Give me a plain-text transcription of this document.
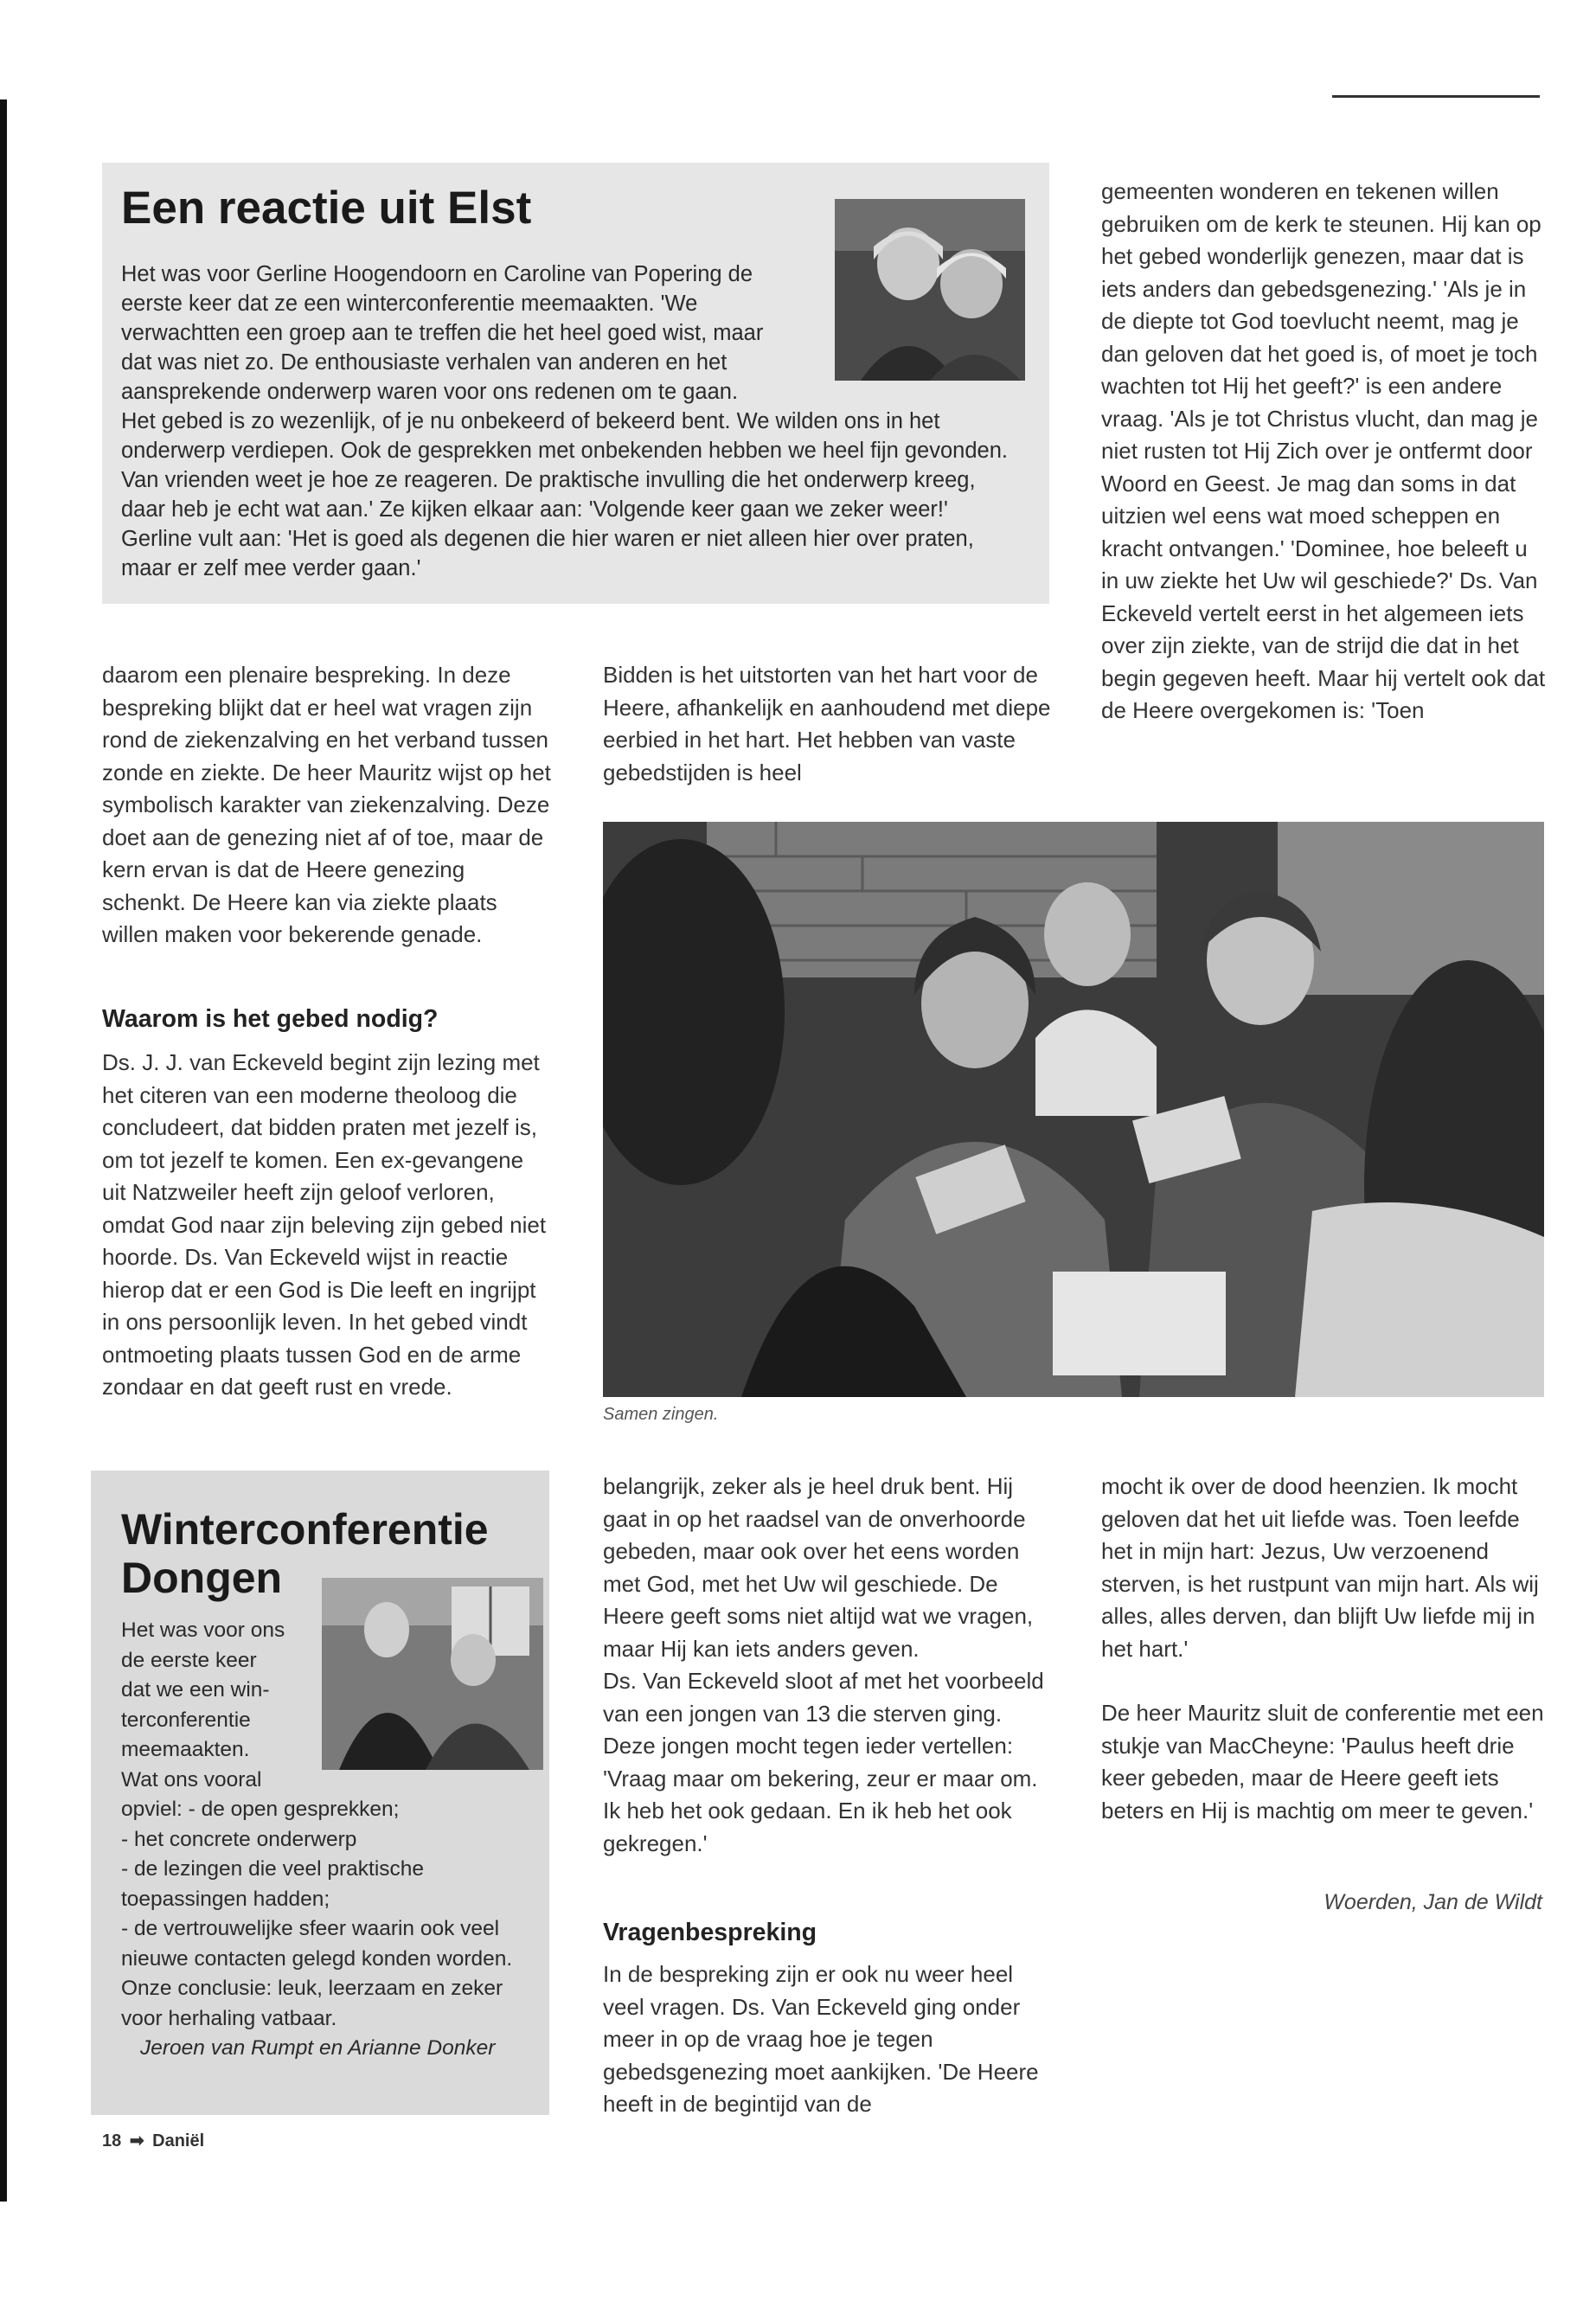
Een reactie uit Elst

Het was voor Gerline Hoogendoorn en Caroline van Popering de eerste keer dat ze een winterconferentie meemaakten. 'We verwachtten een groep aan te treffen die het heel goed wist, maar dat was niet zo. De enthousiaste verhalen van anderen en het aansprekende onderwerp waren voor ons redenen om te gaan.

Het gebed is zo wezenlijk, of je nu onbekeerd of bekeerd bent. We wilden ons in het onderwerp verdiepen. Ook de gesprekken met onbekenden hebben we heel fijn gevonden. Van vrienden weet je hoe ze reageren. De praktische invulling die het onderwerp kreeg, daar heb je echt wat aan.' Ze kijken elkaar aan: 'Volgende keer gaan we zeker weer!' Gerline vult aan: 'Het is goed als degenen die hier waren er niet alleen hier over praten, maar er zelf mee verder gaan.'

daarom een plenaire bespreking. In deze bespreking blijkt dat er heel wat vragen zijn rond de ziekenzalving en het verband tussen zonde en ziekte. De heer Mauritz wijst op het symbolisch karakter van ziekenzalving. Deze doet aan de genezing niet af of toe, maar de kern ervan is dat de Heere genezing schenkt. De Heere kan via ziekte plaats willen maken voor bekerende genade.

Waarom is het gebed nodig?

Ds. J. J. van Eckeveld begint zijn lezing met het citeren van een moderne theoloog die concludeert, dat bidden praten met jezelf is, om tot jezelf te komen. Een ex-gevangene uit Natzweiler heeft zijn geloof verloren, omdat God naar zijn beleving zijn gebed niet hoorde. Ds. Van Eckeveld wijst in reactie hierop dat er een God is Die leeft en ingrijpt in ons persoonlijk leven. In het gebed vindt ontmoeting plaats tussen God en de arme zondaar en dat geeft rust en vrede.

Bidden is het uitstorten van het hart voor de Heere, afhankelijk en aanhoudend met diepe eerbied in het hart. Het hebben van vaste gebedstijden is heel

gemeenten wonderen en tekenen willen gebruiken om de kerk te steunen. Hij kan op het gebed wonderlijk genezen, maar dat is iets anders dan gebedsgenezing.' 'Als je in de diepte tot God toevlucht neemt, mag je dan geloven dat het goed is, of moet je toch wachten tot Hij het geeft?' is een andere vraag. 'Als je tot Christus vlucht, dan mag je niet rusten tot Hij Zich over je ontfermt door Woord en Geest. Je mag dan soms in dat uitzien wel eens wat moed scheppen en kracht ontvangen.' 'Dominee, hoe beleeft u in uw ziekte het Uw wil geschiede?' Ds. Van Eckeveld vertelt eerst in het algemeen iets over zijn ziekte, van de strijd die dat in het begin gegeven heeft. Maar hij vertelt ook dat de Heere overgekomen is: 'Toen

Samen zingen.

belangrijk, zeker als je heel druk bent. Hij gaat in op het raadsel van de onverhoorde gebeden, maar ook over het eens worden met God, met het Uw wil geschiede. De Heere geeft soms niet altijd wat we vragen, maar Hij kan iets anders geven.

Ds. Van Eckeveld sloot af met het voorbeeld van een jongen van 13 die sterven ging. Deze jongen mocht tegen ieder vertellen: 'Vraag maar om bekering, zeur er maar om. Ik heb het ook gedaan. En ik heb het ook gekregen.'

Vragenbespreking

In de bespreking zijn er ook nu weer heel veel vragen. Ds. Van Eckeveld ging onder meer in op de vraag hoe je tegen gebedsgenezing moet aankijken. 'De Heere heeft in de begintijd van de

mocht ik over de dood heenzien. Ik mocht geloven dat het uit liefde was. Toen leefde het in mijn hart: Jezus, Uw verzoenend sterven, is het rustpunt van mijn hart. Als wij alles, alles derven, dan blijft Uw liefde mij in het hart.'

De heer Mauritz sluit de conferentie met een stukje van MacCheyne: 'Paulus heeft drie keer gebeden, maar de Heere geeft iets beters en Hij is machtig om meer te geven.'

Woerden, Jan de Wildt
Winterconferentie
Dongen
Het was voor ons
de eerste keer
dat we een win-
terconferentie
meemaakten.
Wat ons vooral
opviel: - de open gesprekken;
- het concrete onderwerp
- de lezingen die veel praktische toepassingen hadden;
- de vertrouwelijke sfeer waarin ook veel nieuwe contacten gelegd konden worden.
Onze conclusie: leuk, leerzaam en zeker voor herhaling vatbaar.
Jeroen van Rumpt en Arianne Donker
18 ➡ Daniël
